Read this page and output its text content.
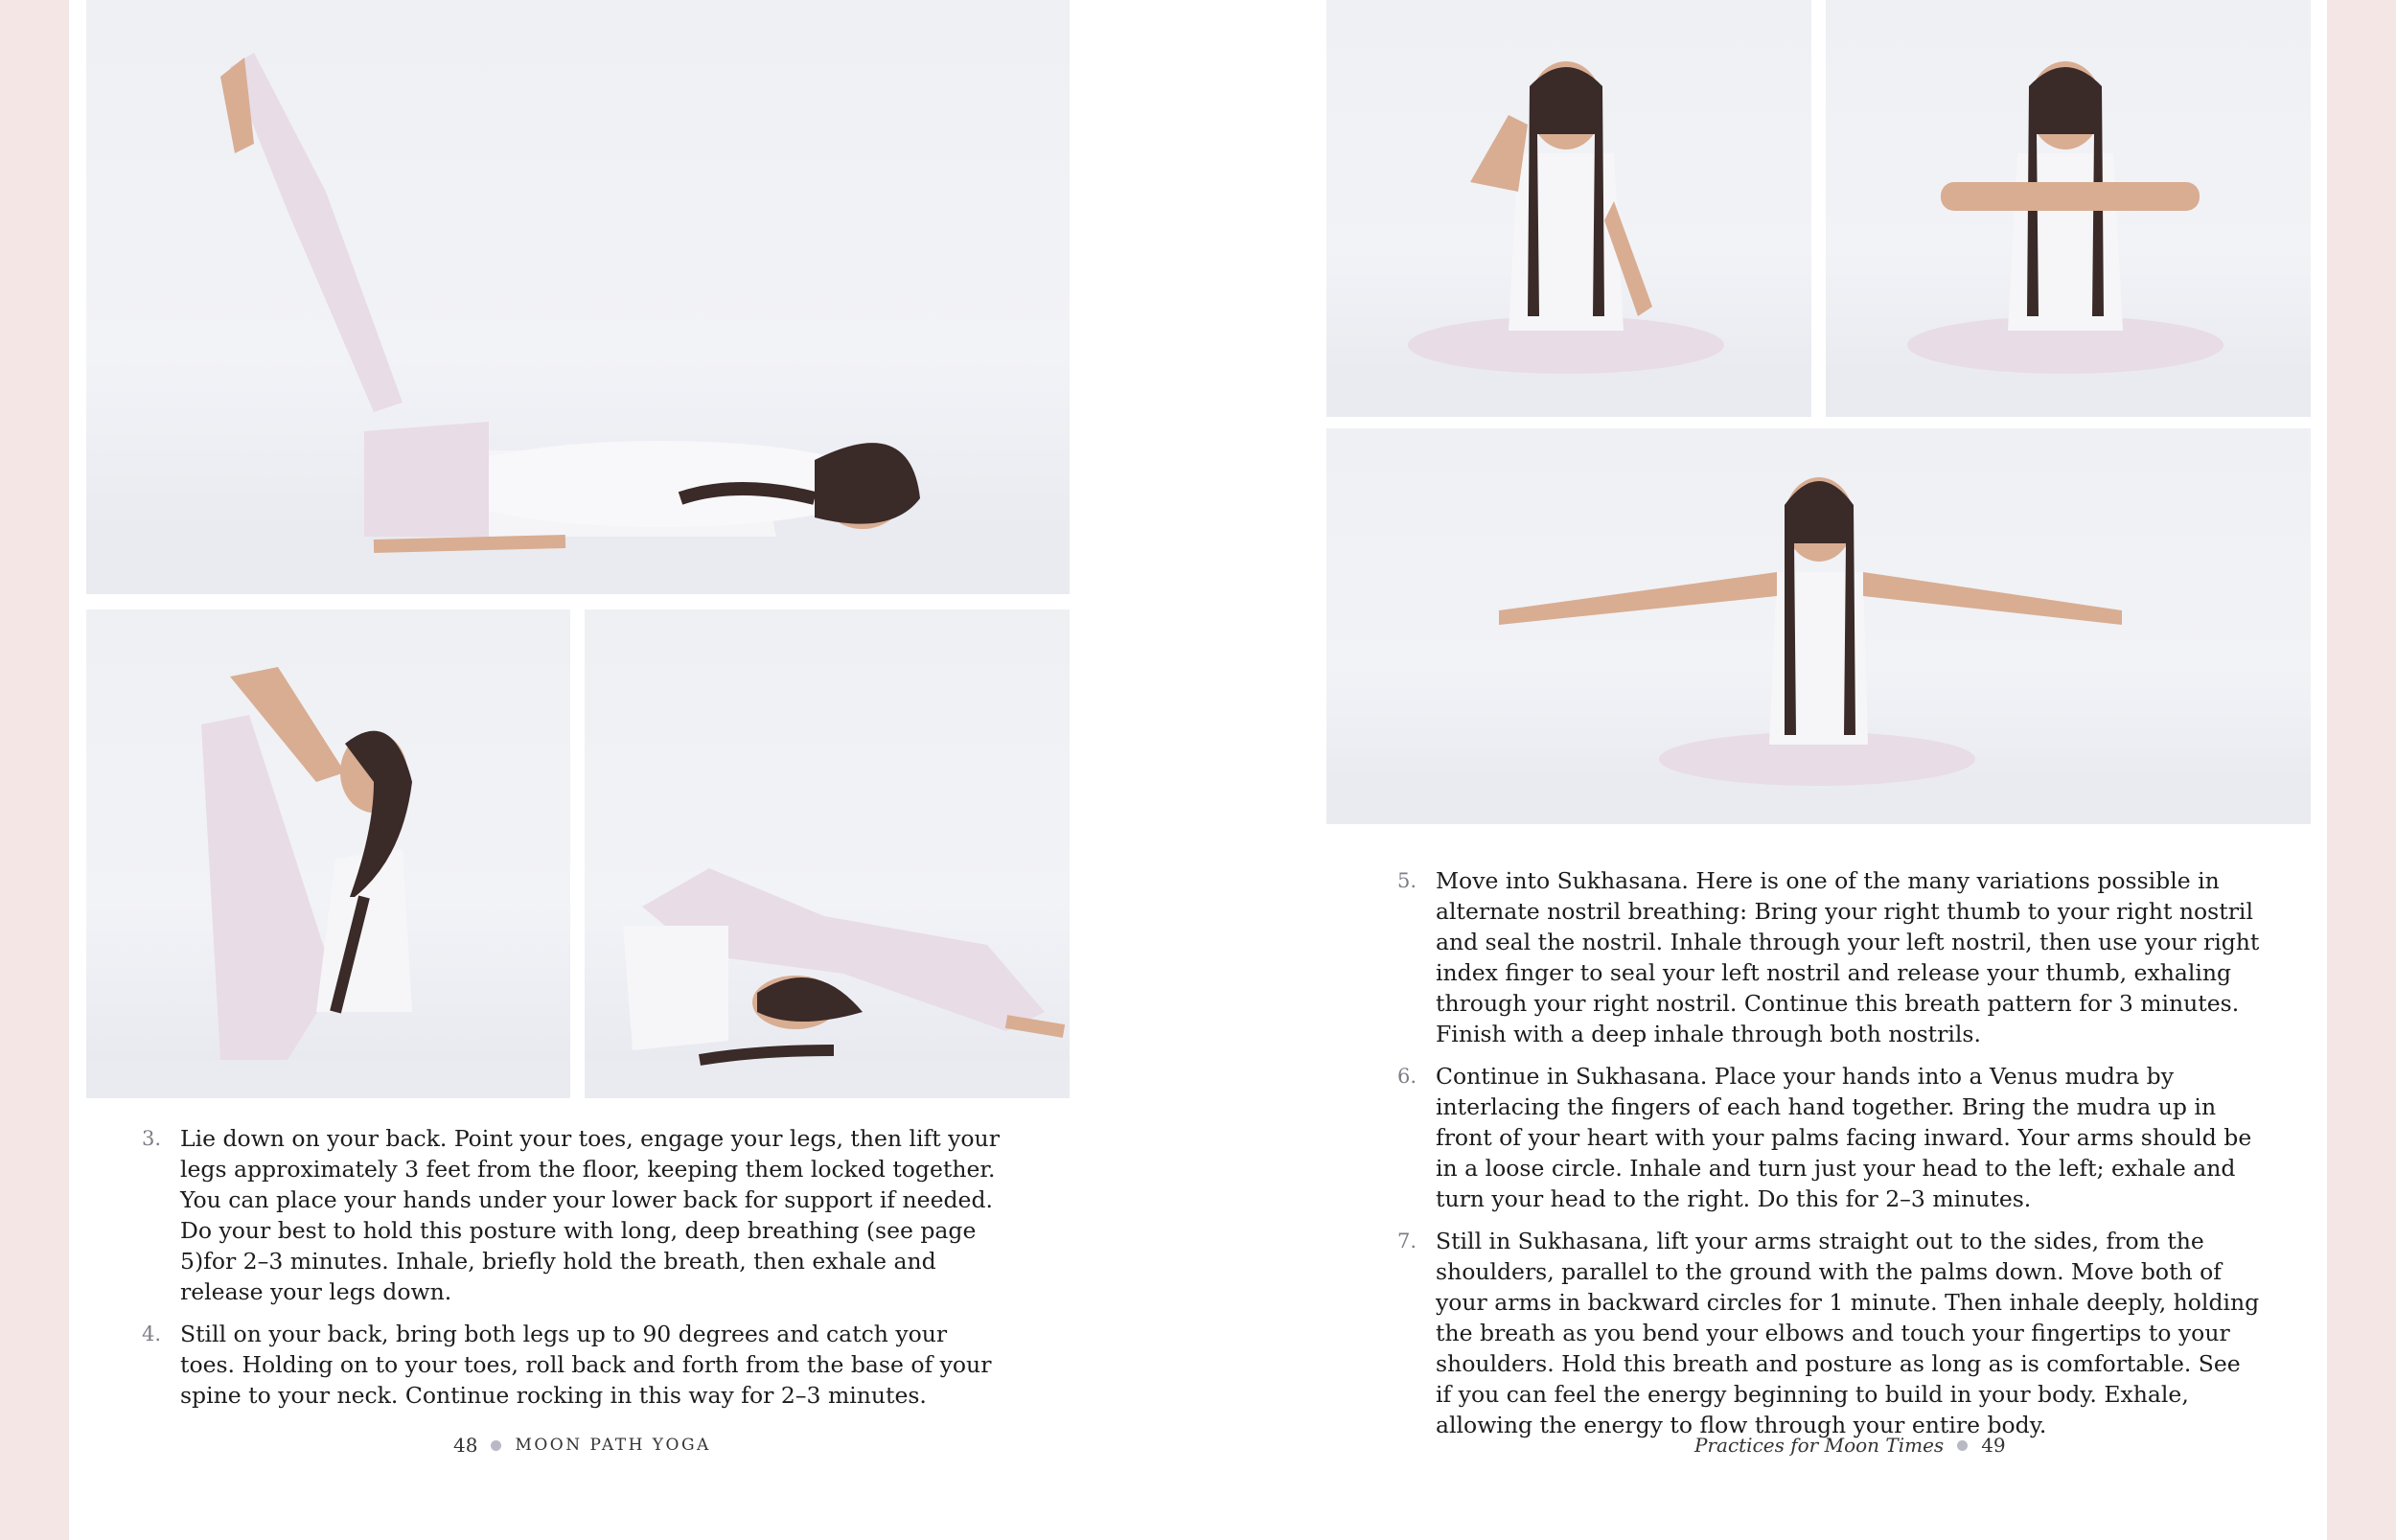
3. Lie down on your back. Point your toes, engage your legs, then lift your legs approximately 3 feet from the floor, keeping them locked together. You can place your hands under your lower back for support if needed. Do your best to hold this posture with long, deep breathing (see page 5)for 2–3 minutes. Inhale, briefly hold the breath, then exhale and release your legs down.
4. Still on your back, bring both legs up to 90 degrees and catch your toes. Holding on to your toes, roll back and forth from the base of your spine to your neck. Continue rocking in this way for 2–3 minutes.
5. Move into Sukhasana. Here is one of the many variations possible in alternate nostril breathing: Bring your right thumb to your right nostril and seal the nostril. Inhale through your left nostril, then use your right index finger to seal your left nostril and release your thumb, exhaling through your right nostril. Continue this breath pattern for 3 minutes. Finish with a deep inhale through both nostrils.
6. Continue in Sukhasana. Place your hands into a Venus mudra by interlacing the fingers of each hand together. Bring the mudra up in front of your heart with your palms facing inward. Your arms should be in a loose circle. Inhale and turn just your head to the left; exhale and turn your head to the right. Do this for 2–3 minutes.
7. Still in Sukhasana, lift your arms straight out to the sides, from the shoulders, parallel to the ground with the palms down. Move both of your arms in backward circles for 1 minute. Then inhale deeply, holding the breath as you bend your elbows and touch your fingertips to your shoulders. Hold this breath and posture as long as is comfortable. See if you can feel the energy beginning to build in your body. Exhale, allowing the energy to flow through your entire body.
48 MOON PATH YOGA	Practices for Moon Times 49
